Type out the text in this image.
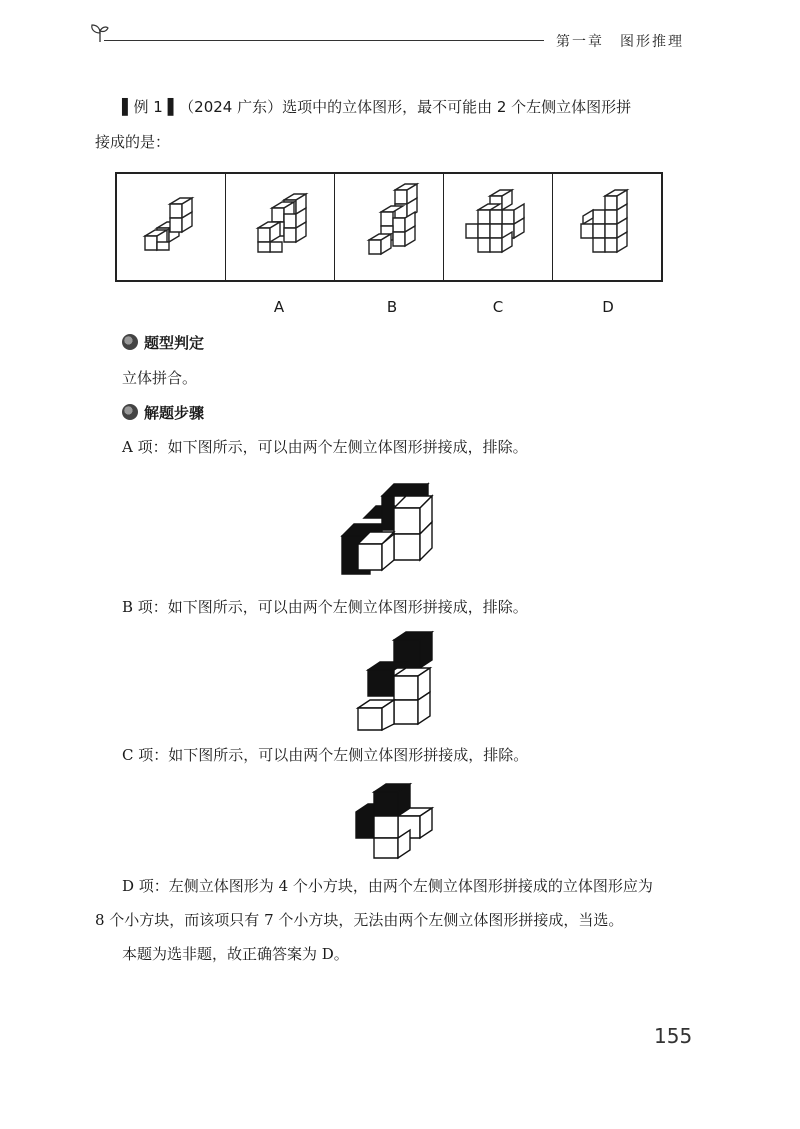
第一章　图形推理
▌例 1 ▌（2024 广东）选项中的立体图形，最不可能由 2 个左侧立体图形拼
接成的是：
A	B	C	D
题型判定
立体拼合。
解题步骤
A 项：如下图所示，可以由两个左侧立体图形拼接成，排除。
B 项：如下图所示，可以由两个左侧立体图形拼接成，排除。
C 项：如下图所示，可以由两个左侧立体图形拼接成，排除。
D 项：左侧立体图形为 4 个小方块，由两个左侧立体图形拼接成的立体图形应为
8 个小方块，而该项只有 7 个小方块，无法由两个左侧立体图形拼接成，当选。
本题为选非题，故正确答案为 D。
155
